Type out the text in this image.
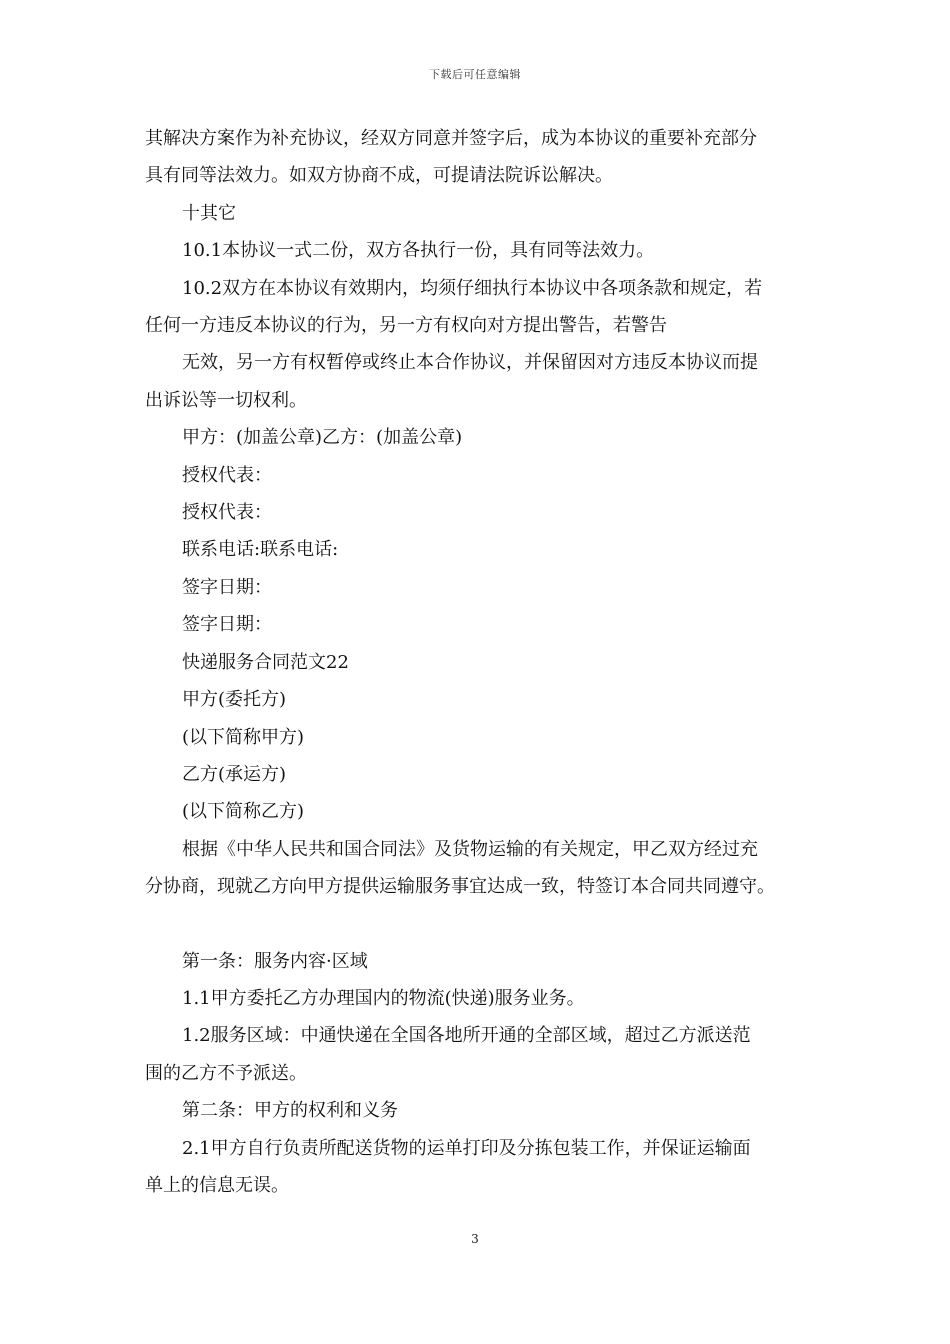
下载后可任意编辑
其解决方案作为补充协议，经双方同意并签字后，成为本协议的重要补充部分
具有同等法效力。如双方协商不成，可提请法院诉讼解决。
十其它
10.1本协议一式二份，双方各执行一份，具有同等法效力。
10.2双方在本协议有效期内，均须仔细执行本协议中各项条款和规定，若
任何一方违反本协议的行为，另一方有权向对方提出警告，若警告
无效，另一方有权暂停或终止本合作协议，并保留因对方违反本协议而提
出诉讼等一切权利。
甲方：(加盖公章)乙方：(加盖公章)
授权代表：
授权代表：
联系电话:联系电话:
签字日期：
签字日期：
快递服务合同范文22
甲方(委托方)
(以下简称甲方)
乙方(承运方)
(以下简称乙方)
根据《中华人民共和国合同法》及货物运输的有关规定，甲乙双方经过充
分协商，现就乙方向甲方提供运输服务事宜达成一致，特签订本合同共同遵守。
第一条：服务内容·区域
1.1甲方委托乙方办理国内的物流(快递)服务业务。
1.2服务区域：中通快递在全国各地所开通的全部区域，超过乙方派送范
围的乙方不予派送。
第二条：甲方的权利和义务
2.1甲方自行负责所配送货物的运单打印及分拣包装工作，并保证运输面
单上的信息无误。
3
